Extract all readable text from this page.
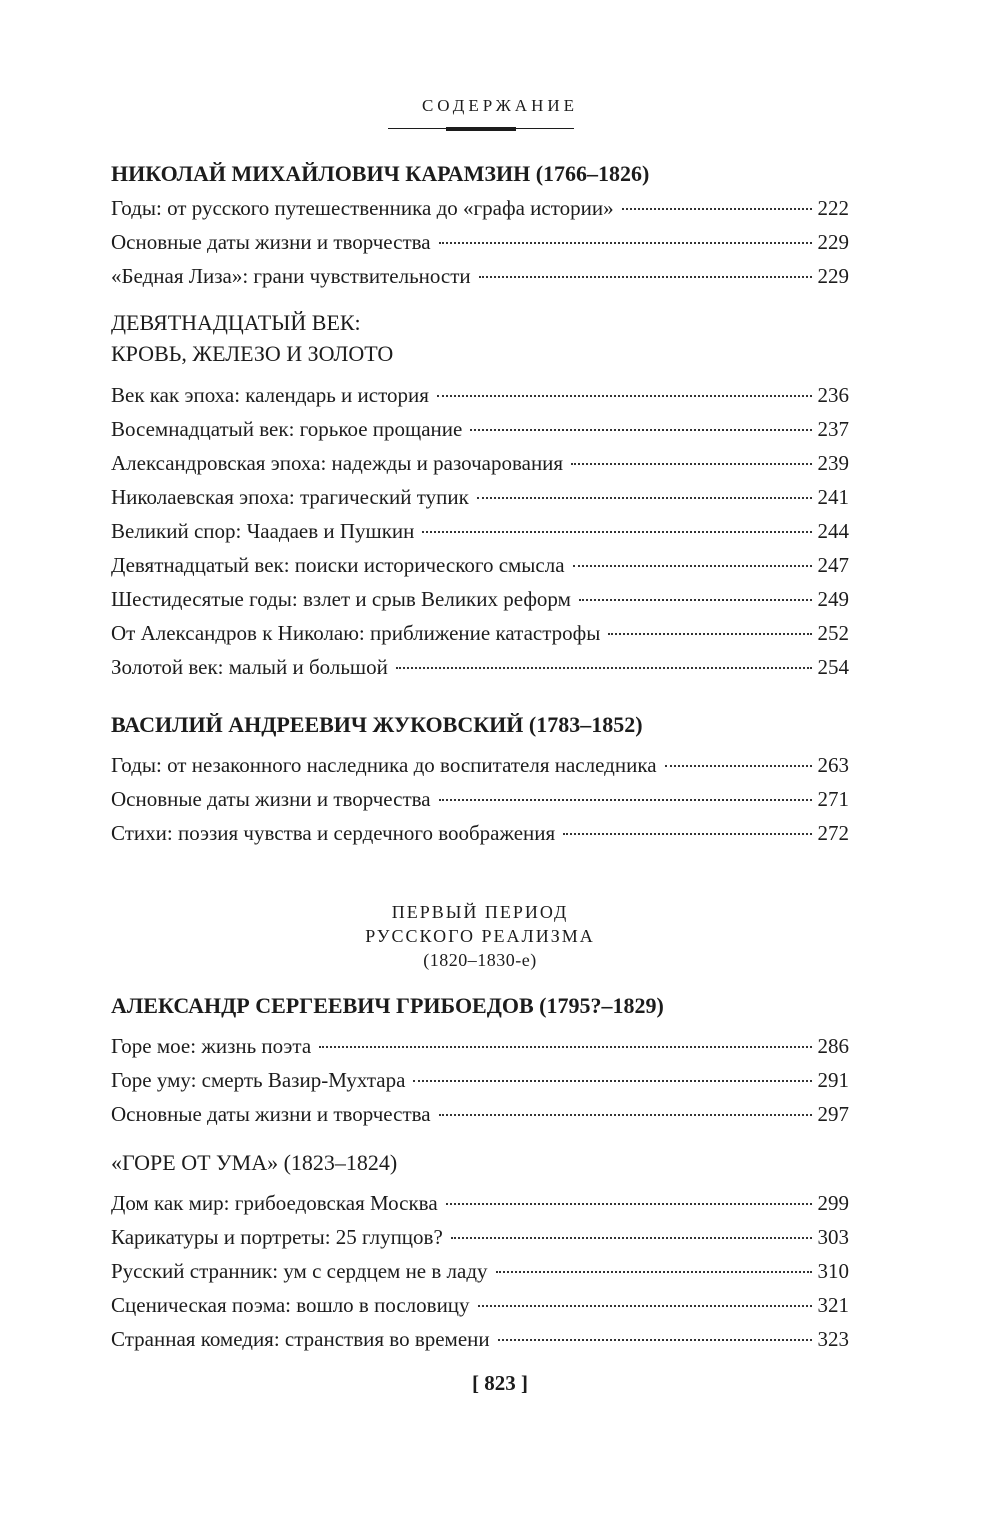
СОДЕРЖАНИЕ
НИКОЛАЙ МИХАЙЛОВИЧ КАРАМЗИН (1766–1826)
Годы: от русского путешественника до «графа истории»	222
Основные даты жизни и творчества	229
«Бедная Лиза»: грани чувствительности	229
ДЕВЯТНАДЦАТЫЙ ВЕК:
КРОВЬ, ЖЕЛЕЗО И ЗОЛОТО
Век как эпоха: календарь и история	236
Восемнадцатый век: горькое прощание	237
Александровская эпоха: надежды и разочарования	239
Николаевская эпоха: трагический тупик	241
Великий спор: Чаадаев и Пушкин	244
Девятнадцатый век: поиски исторического смысла	247
Шестидесятые годы: взлет и срыв Великих реформ	249
От Александров к Николаю: приближение катастрофы	252
Золотой век: малый и большой	254
ВАСИЛИЙ АНДРЕЕВИЧ ЖУКОВСКИЙ (1783–1852)
Годы: от незаконного наследника до воспитателя наследника	263
Основные даты жизни и творчества	271
Стихи: поэзия чувства и сердечного воображения	272
ПЕРВЫЙ ПЕРИОД
РУССКОГО РЕАЛИЗМА
(1820–1830-е)
АЛЕКСАНДР СЕРГЕЕВИЧ ГРИБОЕДОВ (1795?–1829)
Горе мое: жизнь поэта	286
Горе уму: смерть Вазир-Мухтара	291
Основные даты жизни и творчества	297
«ГОРЕ ОТ УМА» (1823–1824)
Дом как мир: грибоедовская Москва	299
Карикатуры и портреты: 25 глупцов?	303
Русский странник: ум с сердцем не в ладу	310
Сценическая поэма: вошло в пословицу	321
Странная комедия: странствия во времени	323
[ 823 ]
